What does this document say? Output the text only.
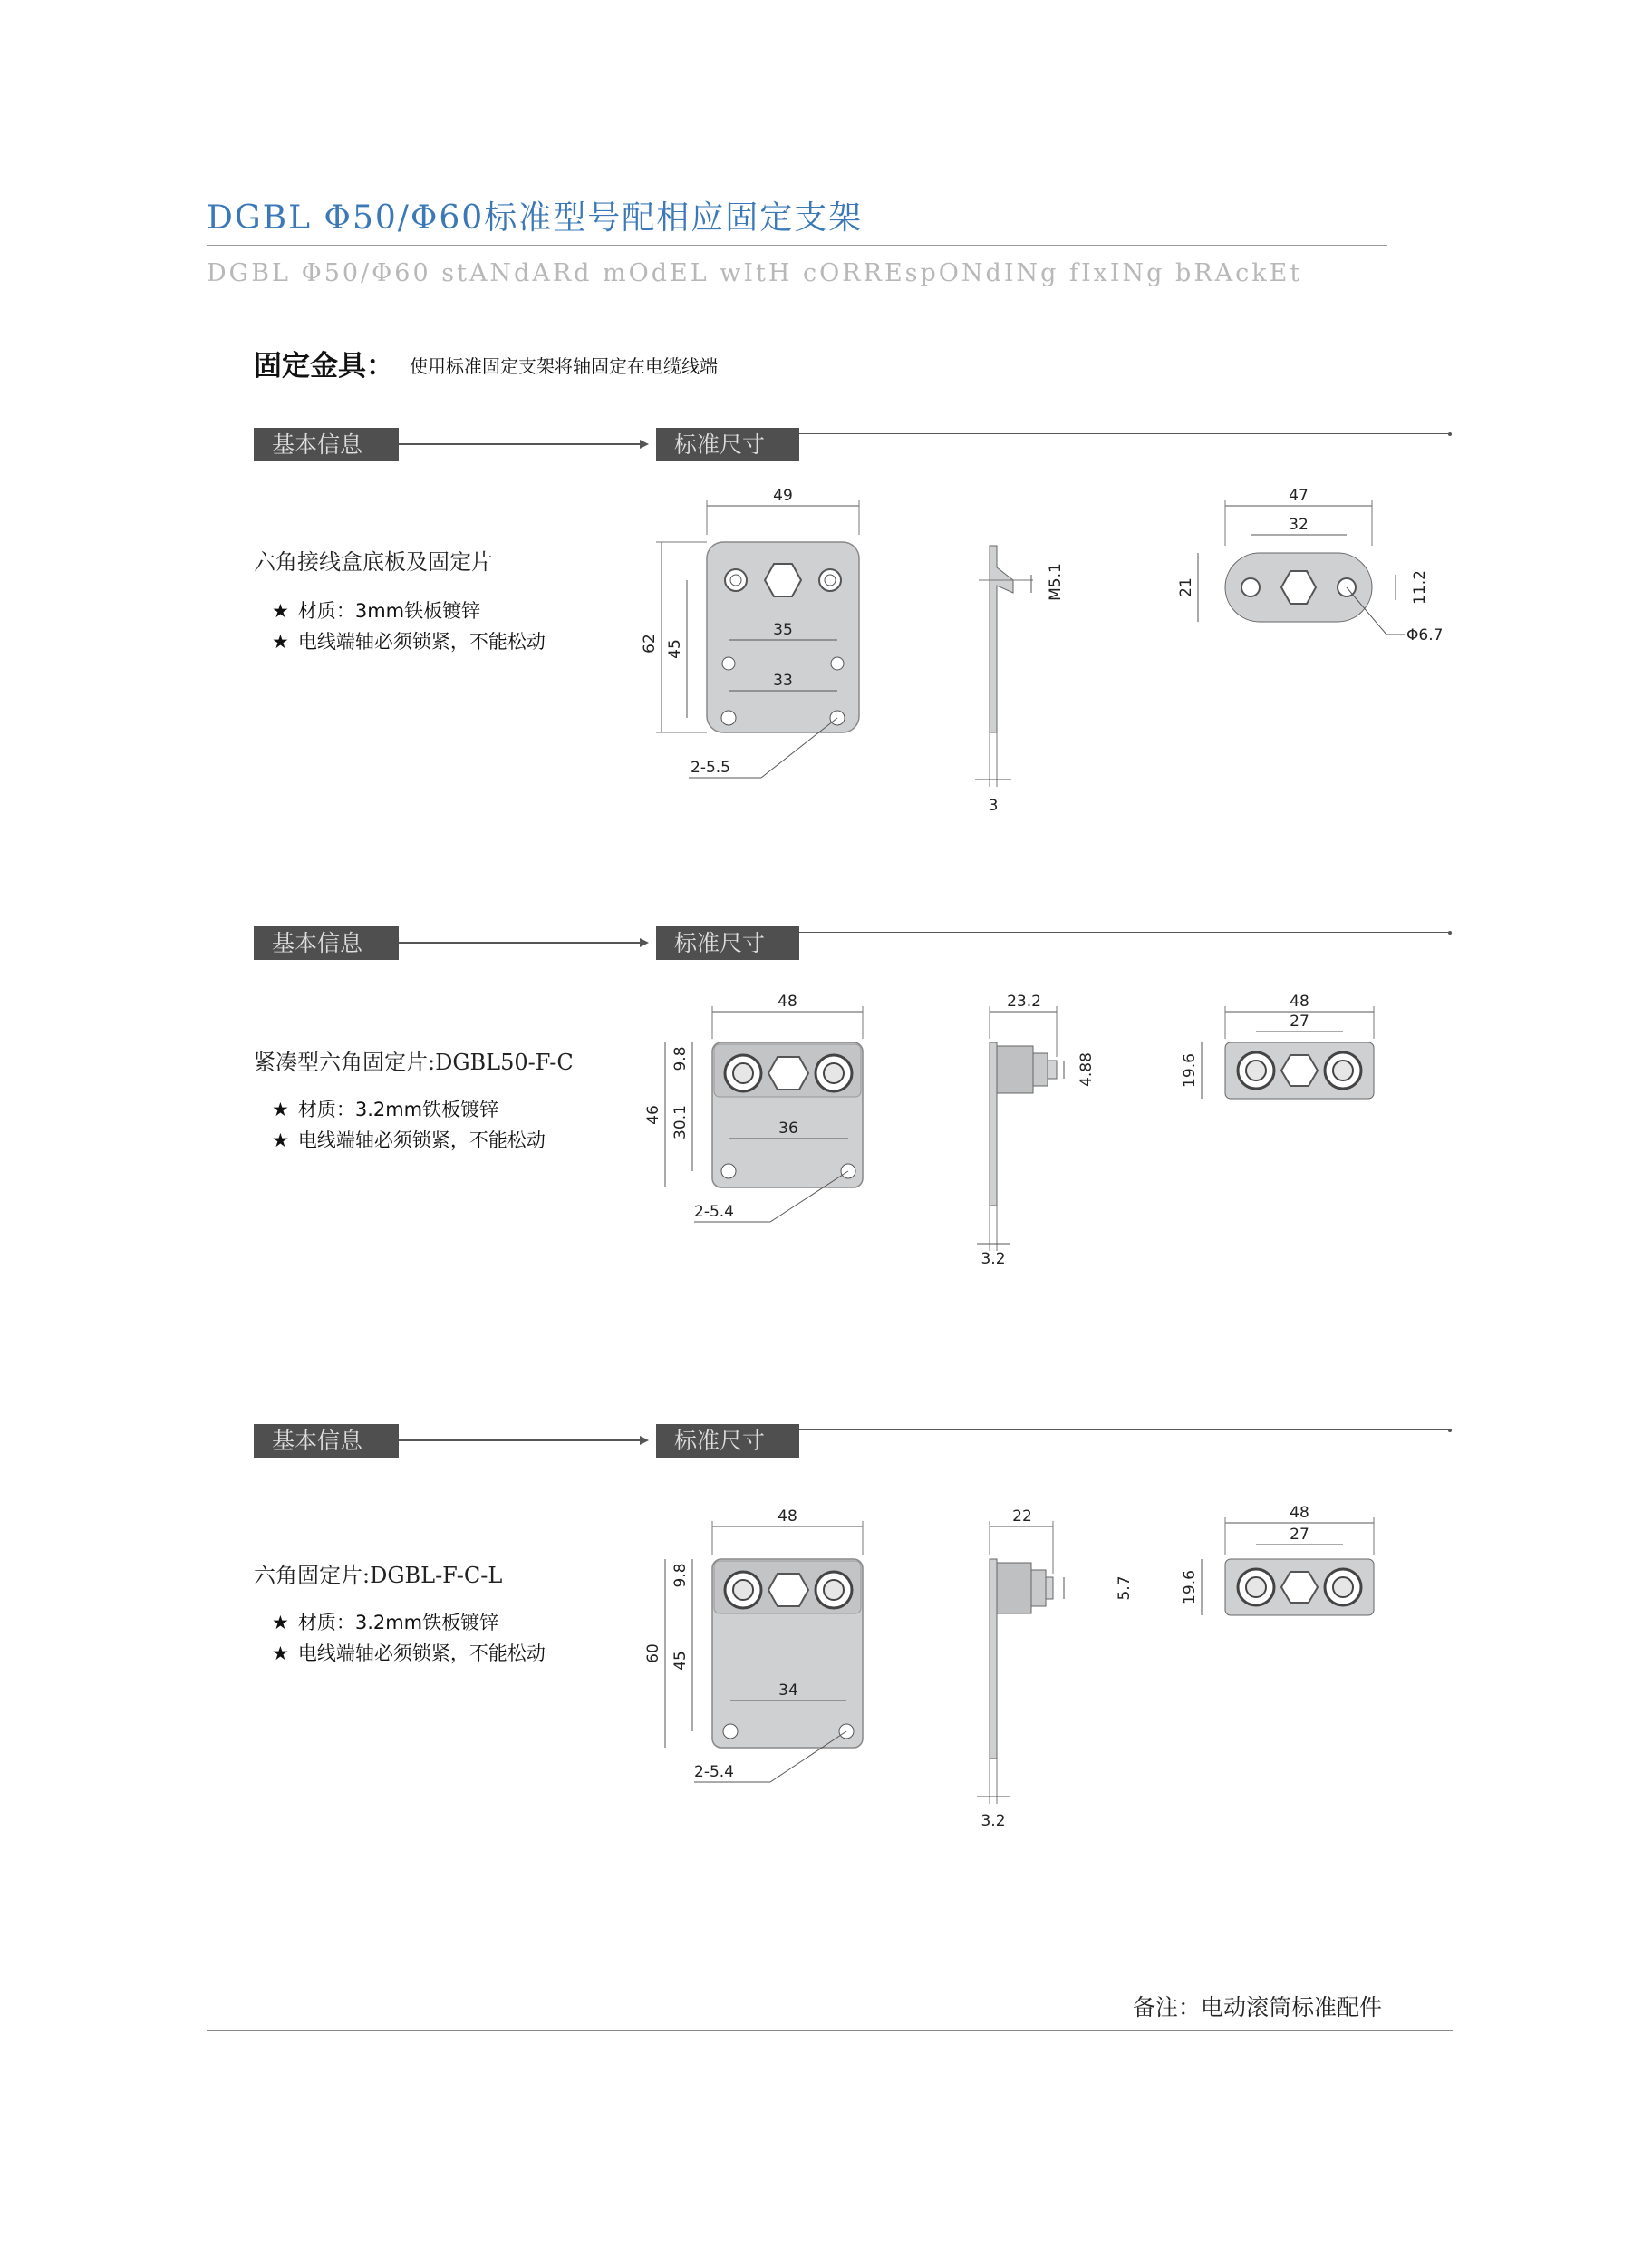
DGBL Φ50/Φ60标准型号配相应固定支架
DGBL Φ50/Φ60 stANdARd mOdEL wItH cORREspONdINg fIxINg bRAckEt
固定金具： 使用标准固定支架将轴固定在电缆线端
基本信息	标准尺寸
六角接线盒底板及固定片
★ 材质：3mm铁板镀锌
★ 电线端轴必须锁紧，不能松动
49
62 45
35
33
2-5.5
M5.1
3
47
32
21	11.2
Φ6.7
基本信息	标准尺寸
紧凑型六角固定片:DGBL50-F-C
★ 材质：3.2mm铁板镀锌
★ 电线端轴必须锁紧，不能松动
48
46
9.8
30.1	36
2-5.4
23.2
4.88
3.2
48
27
19.6
基本信息	标准尺寸
六角固定片:DGBL-F-C-L
★ 材质：3.2mm铁板镀锌
★ 电线端轴必须锁紧，不能松动
48
60
9.8
45
34
2-5.4
22
5.7
3.2
48
27
19.6
备注：电动滚筒标准配件
